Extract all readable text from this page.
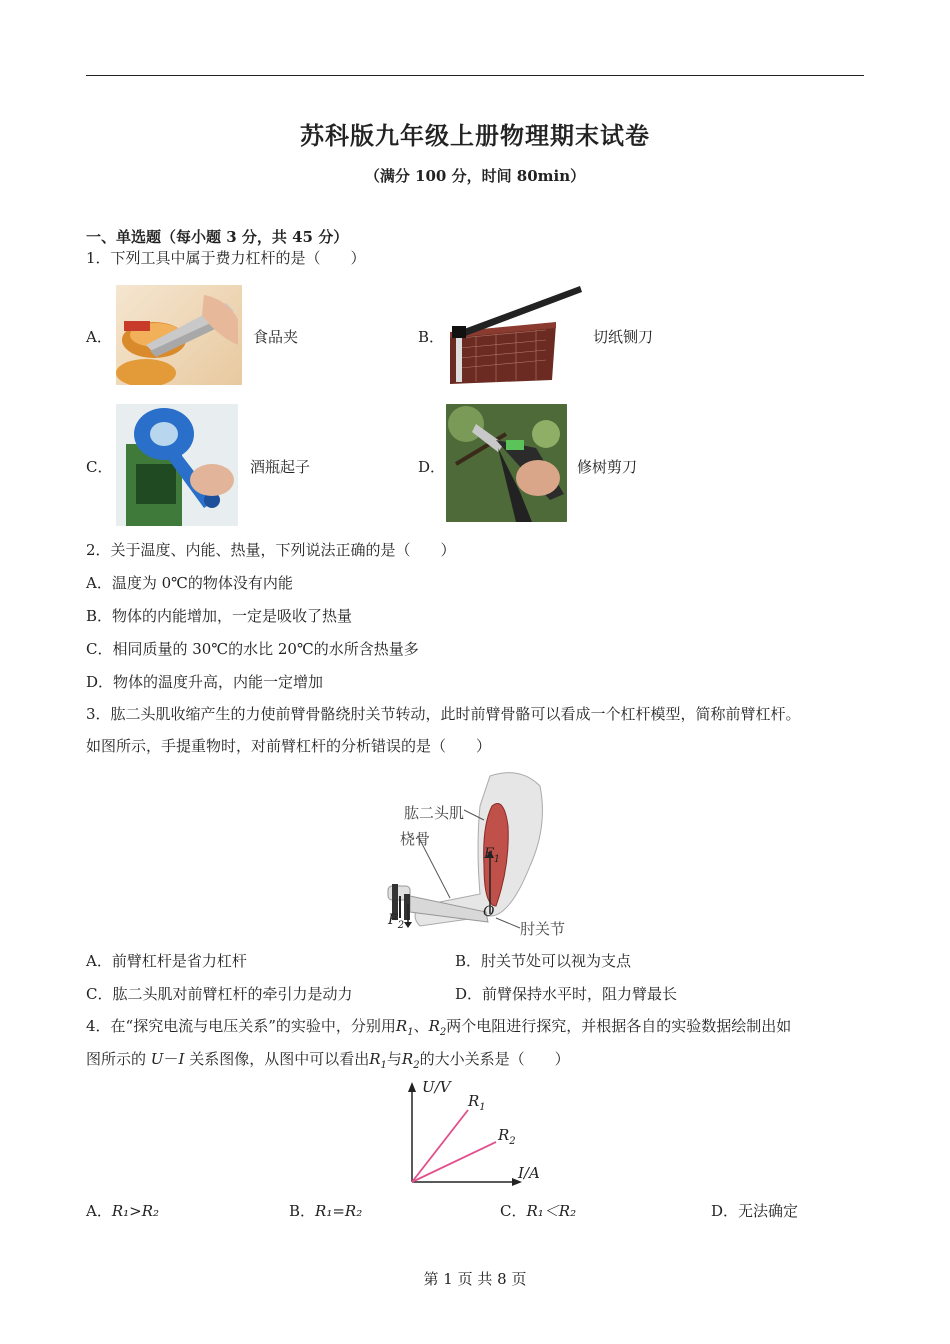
苏科版九年级上册物理期末试卷
（满分 100 分，时间 80min）
一、单选题（每小题 3 分，共 45 分）
1．下列工具中属于费力杠杆的是（　　）
A．	食品夹	B．	切纸铡刀
C．	酒瓶起子	D．	修树剪刀
2．关于温度、内能、热量，下列说法正确的是（　　）
A．温度为 0℃的物体没有内能
B．物体的内能增加，一定是吸收了热量
C．相同质量的 30℃的水比 20℃的水所含热量多
D．物体的温度升高，内能一定增加
3．肱二头肌收缩产生的力使前臂骨骼绕肘关节转动，此时前臂骨骼可以看成一个杠杆模型，简称前臂杠杆。
如图所示，手提重物时，对前臂杠杆的分析错误的是（　　）
肱二头肌
桡骨
$F_1$
$F_2$
O
肘关节
A．前臂杠杆是省力杠杆	B．肘关节处可以视为支点
C．肱二头肌对前臂杠杆的牵引力是动力	D．前臂保持水平时，阻力臂最长
4．在“探究电流与电压关系”的实验中，分别用$R_1$、$R_2$两个电阻进行探究，并根据各自的实验数据绘制出如
图所示的 U－I 关系图像，从图中可以看出$R_1$与$R_2$的大小关系是（　　）
U/V
I/A
$R_1$
$R_2$
A．R₁>R₂	B．R₁=R₂	C．R₁＜R₂	D．无法确定
第 1 页 共 8 页
